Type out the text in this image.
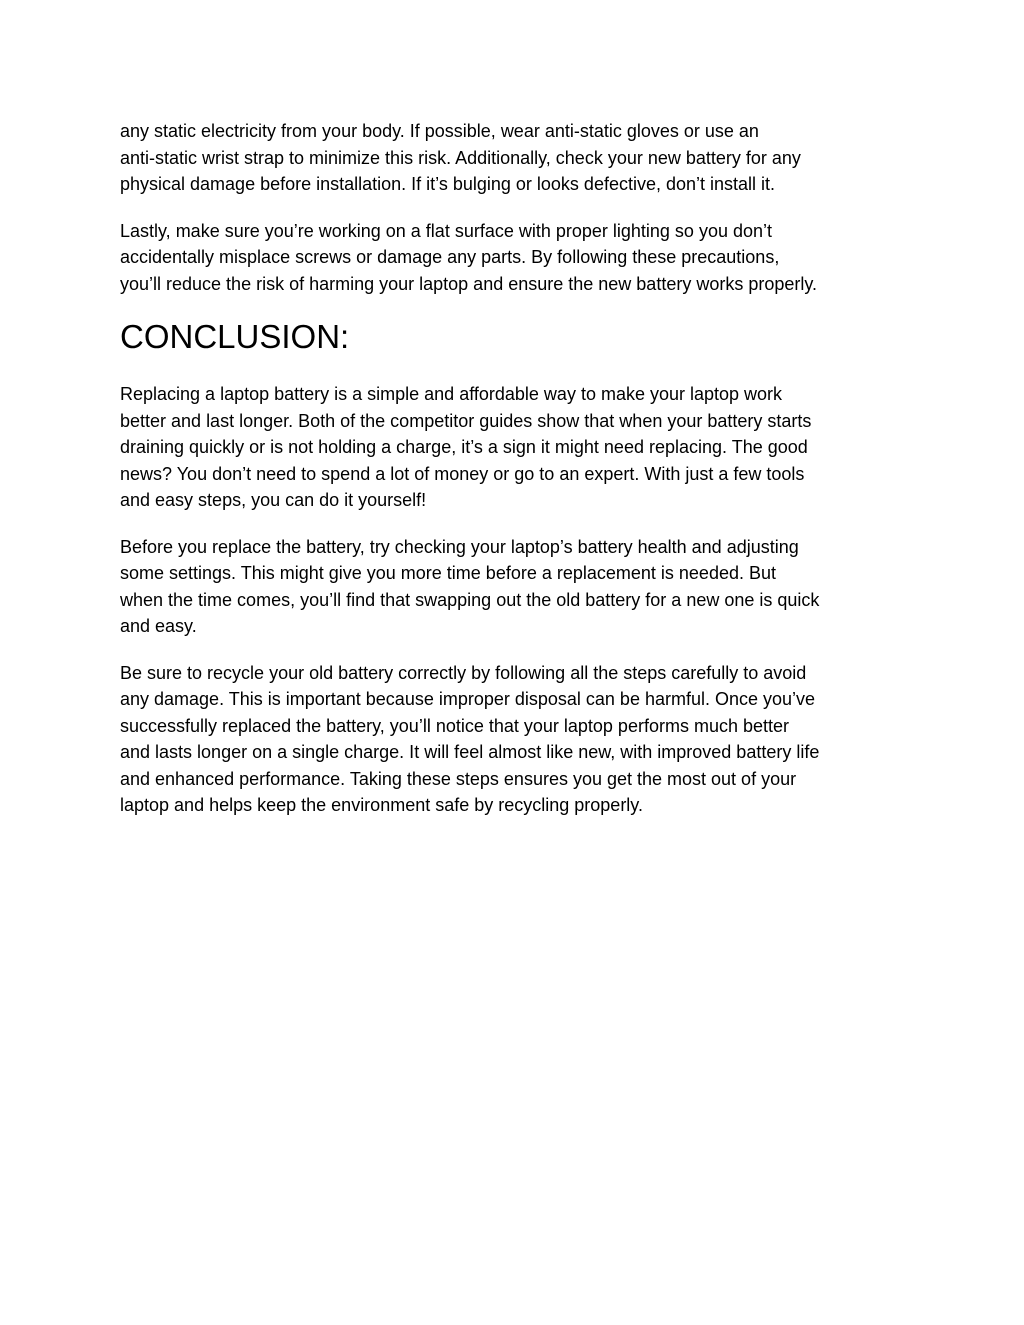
any static electricity from your body. If possible, wear anti-static gloves or use an
anti-static wrist strap to minimize this risk. Additionally, check your new battery for any
physical damage before installation. If it’s bulging or looks defective, don’t install it.

Lastly, make sure you’re working on a flat surface with proper lighting so you don’t
accidentally misplace screws or damage any parts. By following these precautions,
you’ll reduce the risk of harming your laptop and ensure the new battery works properly.

CONCLUSION:

Replacing a laptop battery is a simple and affordable way to make your laptop work
better and last longer. Both of the competitor guides show that when your battery starts
draining quickly or is not holding a charge, it’s a sign it might need replacing. The good
news? You don’t need to spend a lot of money or go to an expert. With just a few tools
and easy steps, you can do it yourself!

Before you replace the battery, try checking your laptop’s battery health and adjusting
some settings. This might give you more time before a replacement is needed. But
when the time comes, you’ll find that swapping out the old battery for a new one is quick
and easy.

Be sure to recycle your old battery correctly by following all the steps carefully to avoid
any damage. This is important because improper disposal can be harmful. Once you’ve
successfully replaced the battery, you’ll notice that your laptop performs much better
and lasts longer on a single charge. It will feel almost like new, with improved battery life
and enhanced performance. Taking these steps ensures you get the most out of your
laptop and helps keep the environment safe by recycling properly.
